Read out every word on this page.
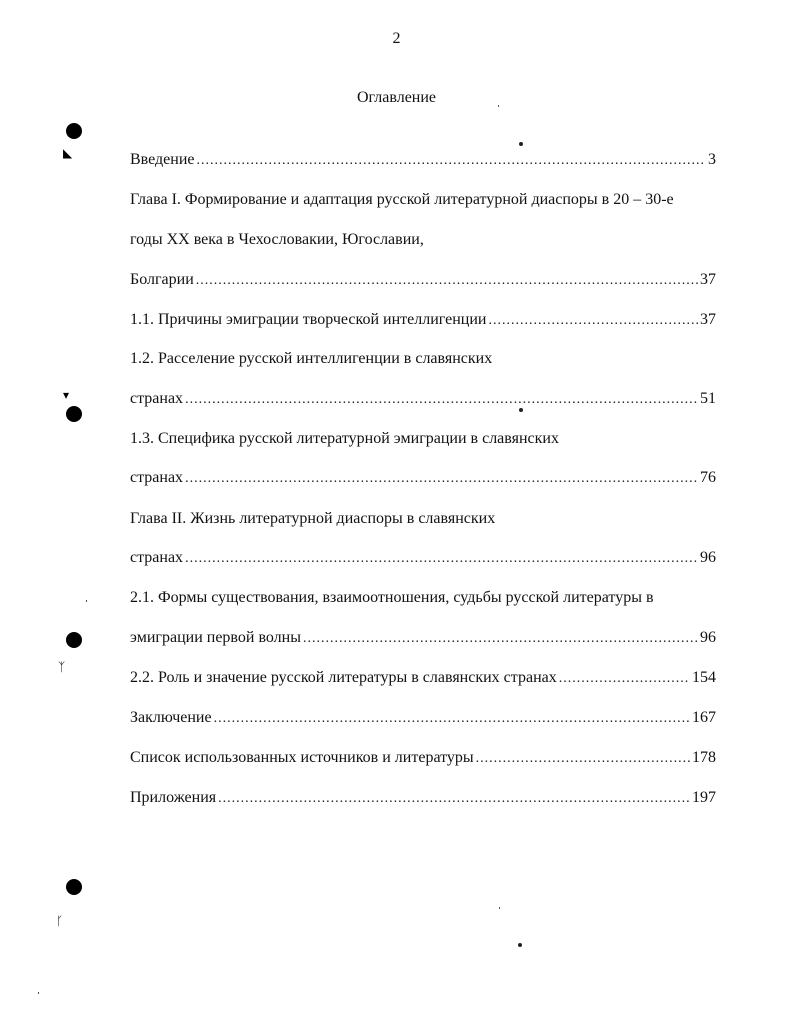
2
Оглавление
Введение .....	3
Глава I. Формирование и адаптация русской литературной диаспоры в 20 – 30-е
годы XX века в Чехословакии, Югославии,
Болгарии .....	37
1.1. Причины эмиграции творческой интеллигенции .....	37
1.2. Расселение русской интеллигенции в славянских
странах .....	51
1.3. Специфика русской литературной эмиграции в славянских
странах .....	76
Глава II. Жизнь литературной диаспоры в славянских
странах .....	96
2.1. Формы существования, взаимоотношения, судьбы русской литературы в
эмиграции первой волны .....	96
2.2. Роль и значение русской литературы в славянских странах .....	154
Заключение .....	167
Список использованных источников и литературы .....	178
Приложения .....	197
◣
▾
ᛉ
ᚴ
